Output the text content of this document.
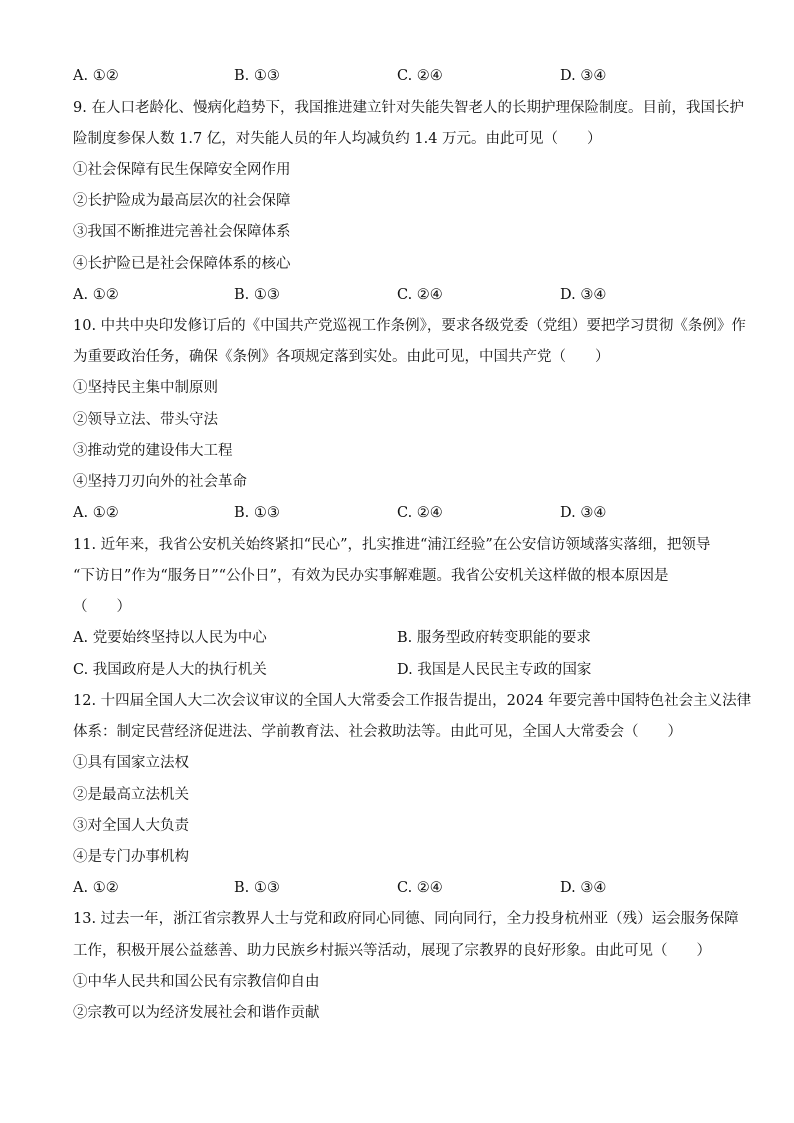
A. ①②	B. ①③	C. ②④	D. ③④
9. 在人口老龄化、慢病化趋势下，我国推进建立针对失能失智老人的长期护理保险制度。目前，我国长护
险制度参保人数 1.7 亿，对失能人员的年人均减负约 1.4 万元。由此可见（　　）
①社会保障有民生保障安全网作用
②长护险成为最高层次的社会保障
③我国不断推进完善社会保障体系
④长护险已是社会保障体系的核心
A. ①②	B. ①③	C. ②④	D. ③④
10. 中共中央印发修订后的《中国共产党巡视工作条例》，要求各级党委（党组）要把学习贯彻《条例》作
为重要政治任务，确保《条例》各项规定落到实处。由此可见，中国共产党（　　）
①坚持民主集中制原则
②领导立法、带头守法
③推动党的建设伟大工程
④坚持刀刃向外的社会革命
A. ①②	B. ①③	C. ②④	D. ③④
11. 近年来，我省公安机关始终紧扣“民心”，扎实推进“浦江经验”在公安信访领域落实落细，把领导
“下访日”作为“服务日”“公仆日”，有效为民办实事解难题。我省公安机关这样做的根本原因是
（　　）
A. 党要始终坚持以人民为中心	B. 服务型政府转变职能的要求
C. 我国政府是人大的执行机关	D. 我国是人民民主专政的国家
12. 十四届全国人大二次会议审议的全国人大常委会工作报告提出，2024 年要完善中国特色社会主义法律
体系：制定民营经济促进法、学前教育法、社会救助法等。由此可见，全国人大常委会（　　）
①具有国家立法权
②是最高立法机关
③对全国人大负责
④是专门办事机构
A. ①②	B. ①③	C. ②④	D. ③④
13. 过去一年，浙江省宗教界人士与党和政府同心同德、同向同行，全力投身杭州亚（残）运会服务保障
工作，积极开展公益慈善、助力民族乡村振兴等活动，展现了宗教界的良好形象。由此可见（　　）
①中华人民共和国公民有宗教信仰自由
②宗教可以为经济发展社会和谐作贡献
